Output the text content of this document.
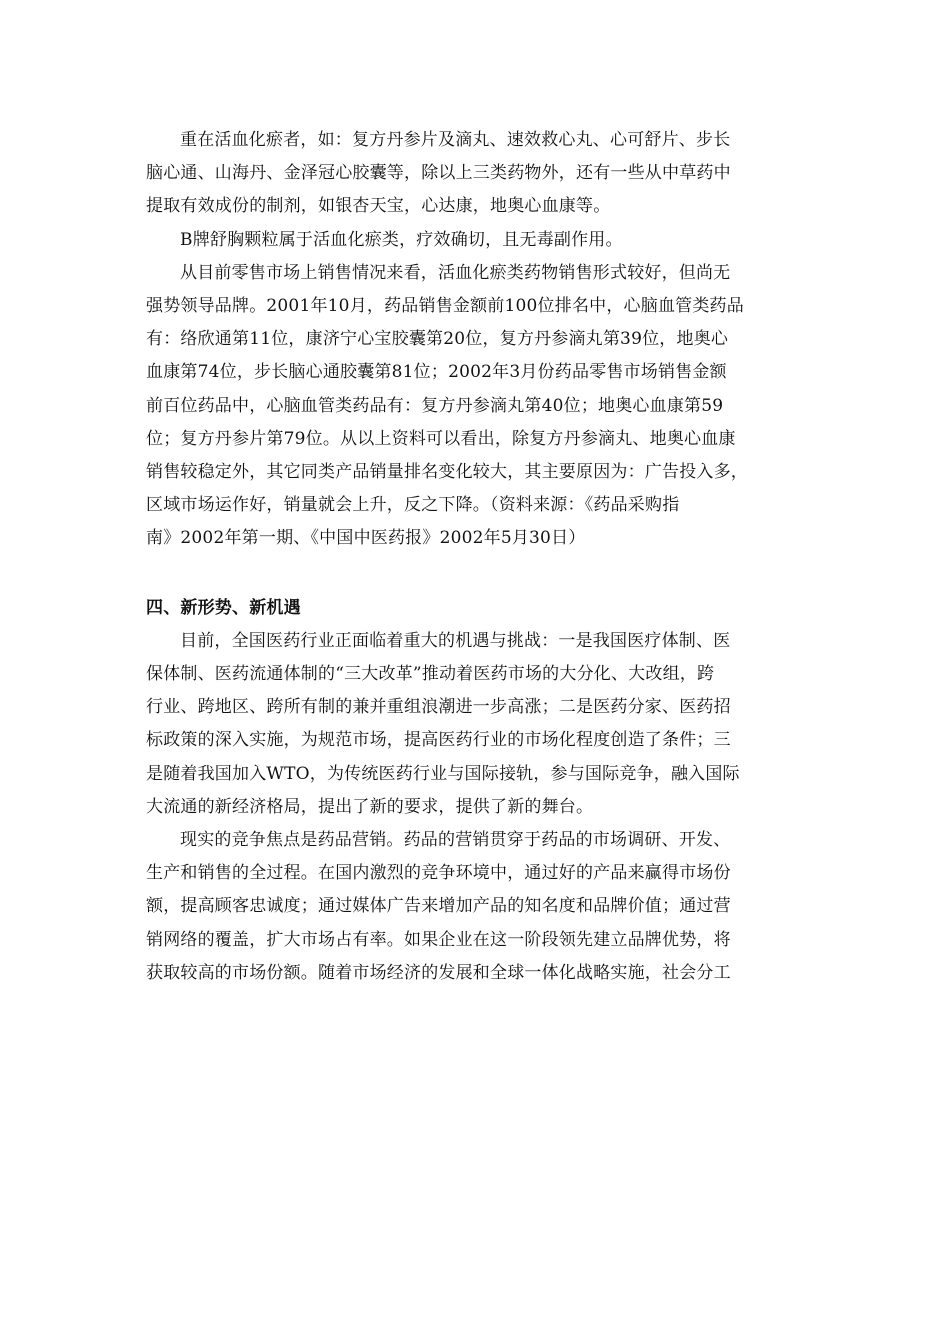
重在活血化瘀者，如：复方丹参片及滴丸、速效救心丸、心可舒片、步长
脑心通、山海丹、金泽冠心胶囊等，除以上三类药物外，还有一些从中草药中
提取有效成份的制剂，如银杏天宝，心达康，地奥心血康等。

B牌舒胸颗粒属于活血化瘀类，疗效确切，且无毒副作用。

从目前零售市场上销售情况来看，活血化瘀类药物销售形式较好，但尚无
强势领导品牌。2001年10月，药品销售金额前100位排名中，心脑血管类药品
有：络欣通第11位，康济宁心宝胶囊第20位，复方丹参滴丸第39位，地奥心
血康第74位，步长脑心通胶囊第81位；2002年3月份药品零售市场销售金额
前百位药品中，心脑血管类药品有：复方丹参滴丸第40位；地奥心血康第59
位；复方丹参片第79位。从以上资料可以看出，除复方丹参滴丸、地奥心血康
销售较稳定外，其它同类产品销量排名变化较大，其主要原因为：广告投入多，
区域市场运作好，销量就会上升，反之下降。（资料来源：《药品采购指
南》2002年第一期、《中国中医药报》2002年5月30日）

四、新形势、新机遇

目前，全国医药行业正面临着重大的机遇与挑战：一是我国医疗体制、医
保体制、医药流通体制的“三大改革”推动着医药市场的大分化、大改组，跨
行业、跨地区、跨所有制的兼并重组浪潮进一步高涨；二是医药分家、医药招
标政策的深入实施，为规范市场，提高医药行业的市场化程度创造了条件；三
是随着我国加入WTO，为传统医药行业与国际接轨，参与国际竞争，融入国际
大流通的新经济格局，提出了新的要求，提供了新的舞台。

现实的竞争焦点是药品营销。药品的营销贯穿于药品的市场调研、开发、
生产和销售的全过程。在国内激烈的竞争环境中，通过好的产品来赢得市场份
额，提高顾客忠诚度；通过媒体广告来增加产品的知名度和品牌价值；通过营
销网络的覆盖，扩大市场占有率。如果企业在这一阶段领先建立品牌优势，将
获取较高的市场份额。随着市场经济的发展和全球一体化战略实施，社会分工
